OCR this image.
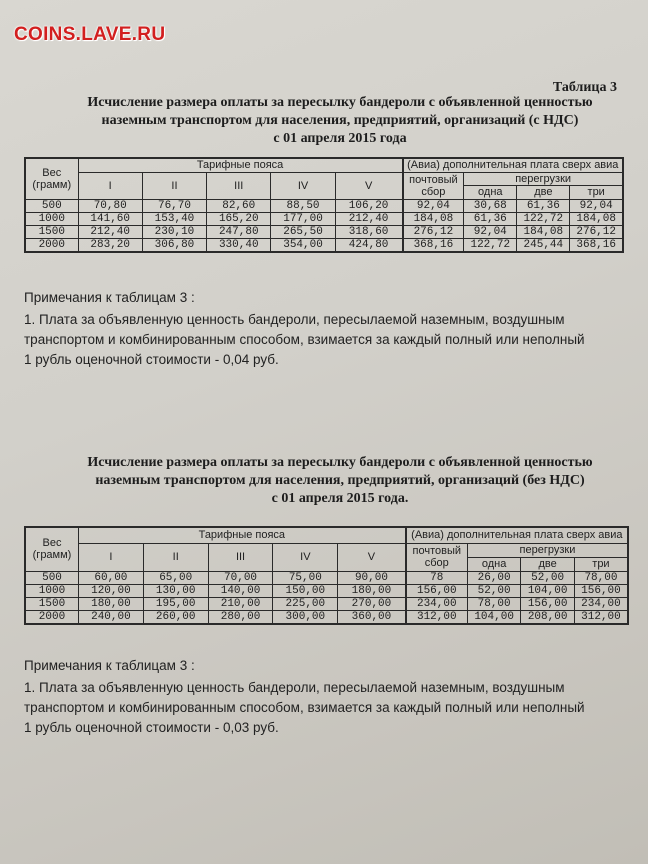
COINS.LAVE.RU
Таблица 3
Исчисление размера оплаты за пересылку бандероли с объявленной ценностью
наземным транспортом для населения, предприятий, организаций (с НДС)
с 01 апреля 2015 года
Вес (грамм)	Тарифные пояса					(Авиа) дополнительная плата сверх авиа			
	I	II	III	IV	V	почтовый сбор	перегрузки		
							одна	две	три
500	70,80	76,70	82,60	88,50	106,20	92,04	30,68	61,36	92,04
1000	141,60	153,40	165,20	177,00	212,40	184,08	61,36	122,72	184,08
1500	212,40	230,10	247,80	265,50	318,60	276,12	92,04	184,08	276,12
2000	283,20	306,80	330,40	354,00	424,80	368,16	122,72	245,44	368,16
Примечания к таблицам 3 :
1. Плата за объявленную ценность бандероли, пересылаемой наземным, воздушным
транспортом и комбинированным способом, взимается за каждый полный или неполный
1 рубль оценочной стоимости - 0,04 руб.
Исчисление размера оплаты за пересылку бандероли с объявленной ценностью
наземным транспортом для населения, предприятий, организаций (без НДС)
с 01 апреля 2015 года.
Вес (грамм)	Тарифные пояса					(Авиа) дополнительная плата сверх авиа			
	I	II	III	IV	V	почтовый сбор	перегрузки		
							одна	две	три
500	60,00	65,00	70,00	75,00	90,00	78	26,00	52,00	78,00
1000	120,00	130,00	140,00	150,00	180,00	156,00	52,00	104,00	156,00
1500	180,00	195,00	210,00	225,00	270,00	234,00	78,00	156,00	234,00
2000	240,00	260,00	280,00	300,00	360,00	312,00	104,00	208,00	312,00
Примечания к таблицам 3 :
1. Плата за объявленную ценность бандероли, пересылаемой наземным, воздушным
транспортом и комбинированным способом, взимается за каждый полный или неполный
1 рубль оценочной стоимости - 0,03 руб.
